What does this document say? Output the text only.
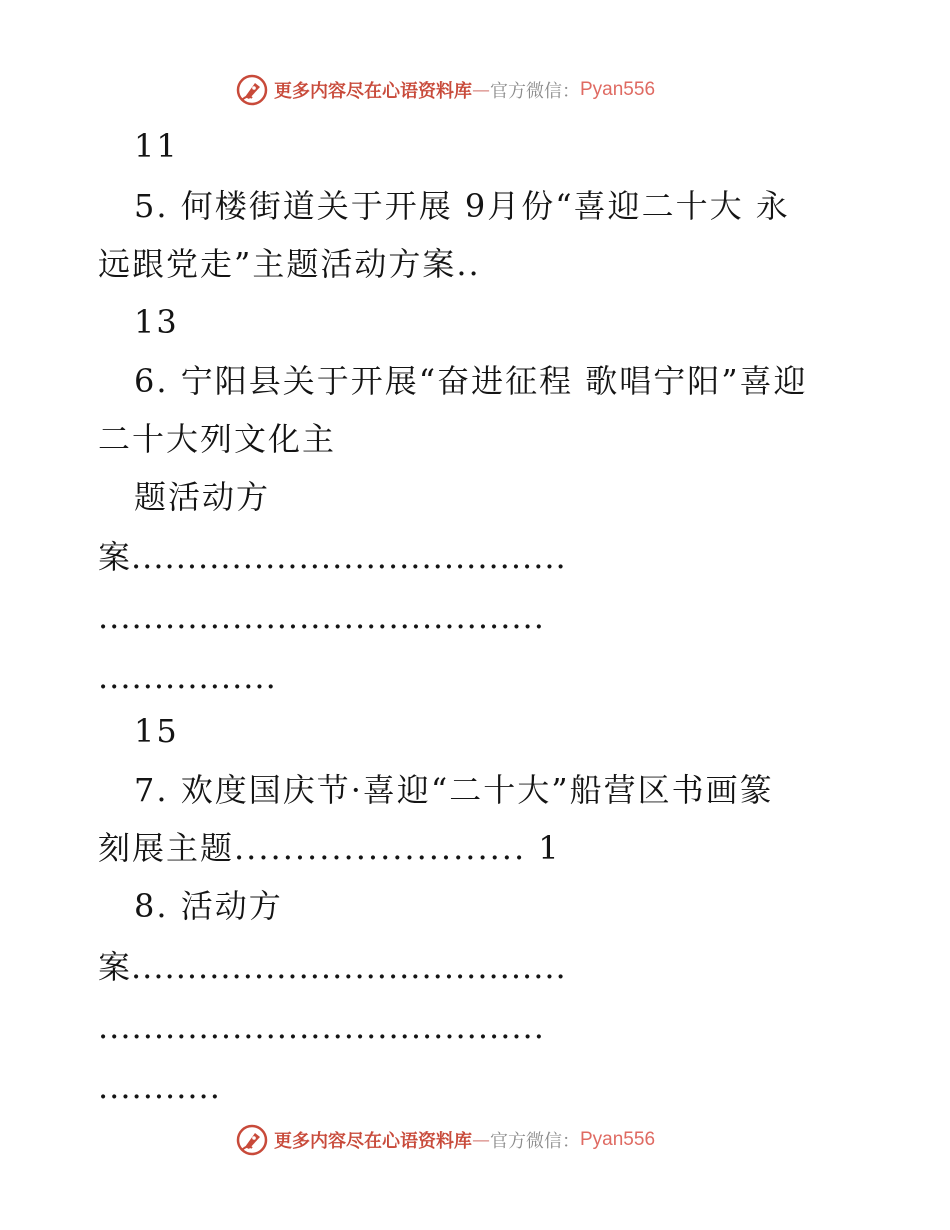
更多内容尽在心语资料库 — 官方微信： Pyan556
11
5. 何楼街道关于开展 9月份“喜迎二十大 永
远跟党走”主题活动方案..
13
6. 宁阳县关于开展“奋进征程 歌唱宁阳”喜迎
二十大列文化主
题活动方
案.......................................
........................................
................
15
7. 欢度国庆节·喜迎“二十大”船营区书画篆
刻展主题........................ 1
8. 活动方
案.......................................
........................................
...........
更多内容尽在心语资料库 — 官方微信： Pyan556
